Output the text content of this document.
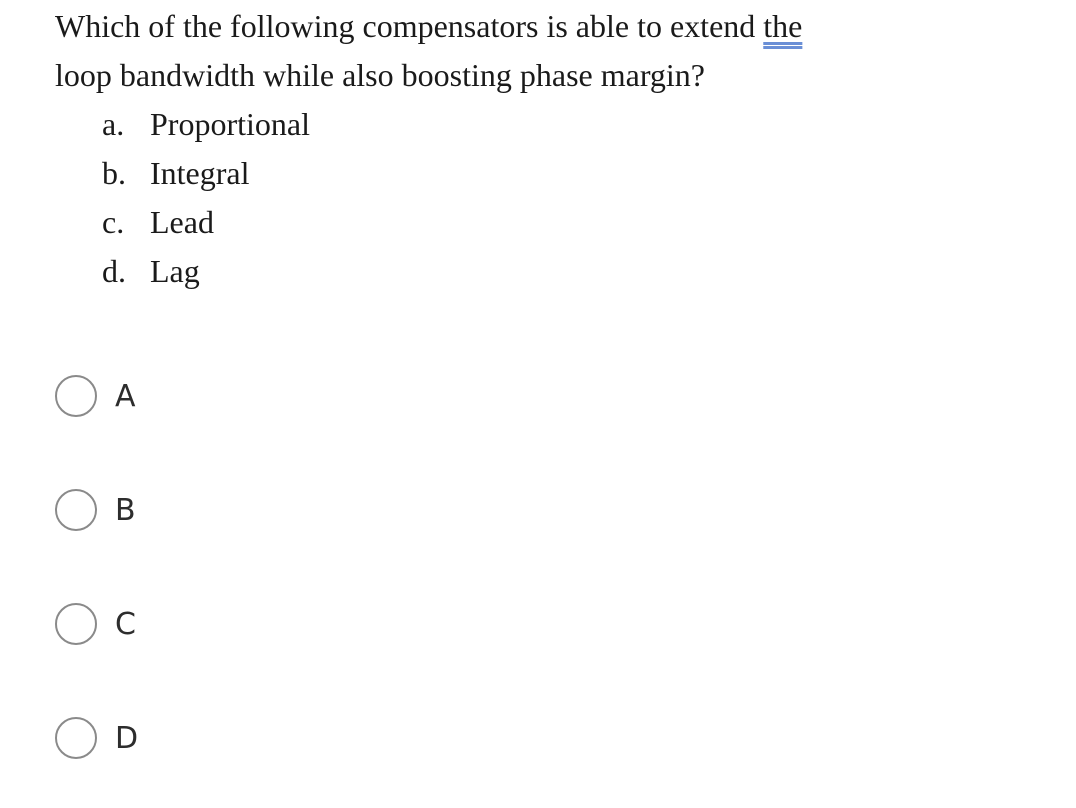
Which of the following compensators is able to extend the
loop bandwidth while also boosting phase margin?
a. Proportional
b. Integral
c. Lead
d. Lag
A
B
C
D
